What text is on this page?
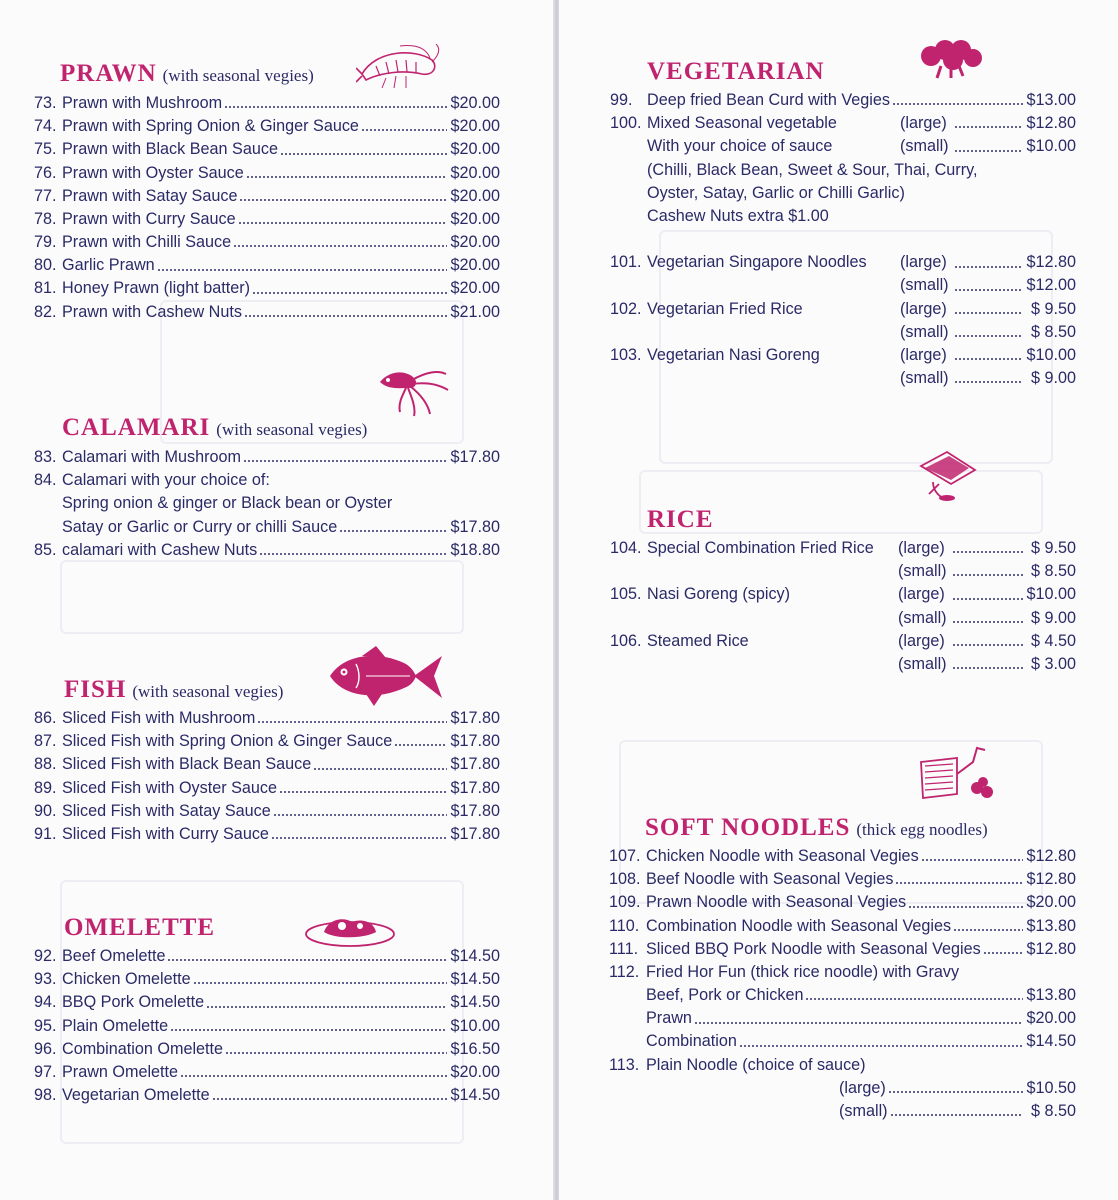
PRAWN (with seasonal vegies)
73. Prawn with Mushroom	$20.00
74. Prawn with Spring Onion & Ginger Sauce	$20.00
75. Prawn with Black Bean Sauce	$20.00
76. Prawn with Oyster Sauce	$20.00
77. Prawn with Satay Sauce	$20.00
78. Prawn with Curry Sauce	$20.00
79. Prawn with Chilli Sauce	$20.00
80. Garlic Prawn	$20.00
81. Honey Prawn (light batter)	$20.00
82. Prawn with Cashew Nuts	$21.00
CALAMARI (with seasonal vegies)
83. Calamari with Mushroom	$17.80
84. Calamari with your choice of:
Spring onion & ginger or Black bean or Oyster
Satay or Garlic or Curry or chilli Sauce	$17.80
85. calamari with Cashew Nuts	$18.80
FISH (with seasonal vegies)
86. Sliced Fish with Mushroom	$17.80
87. Sliced Fish with Spring Onion & Ginger Sauce	$17.80
88. Sliced Fish with Black Bean Sauce	$17.80
89. Sliced Fish with Oyster Sauce	$17.80
90. Sliced Fish with Satay Sauce	$17.80
91. Sliced Fish with Curry Sauce	$17.80
OMELETTE
92. Beef Omelette	$14.50
93. Chicken Omelette	$14.50
94. BBQ Pork Omelette	$14.50
95. Plain Omelette	$10.00
96. Combination Omelette	$16.50
97. Prawn Omelette	$20.00
98. Vegetarian Omelette	$14.50
VEGETARIAN
99. Deep fried Bean Curd with Vegies	$13.00
100. Mixed Seasonal vegetable	(large)	$12.80
With your choice of sauce	(small)	$10.00
(Chilli, Black Bean, Sweet & Sour, Thai, Curry,
Oyster, Satay, Garlic or Chilli Garlic)
Cashew Nuts extra $1.00
101. Vegetarian Singapore Noodles (large)	$12.80
(small)	$12.00
102. Vegetarian Fried Rice	(large)	$ 9.50
(small)	$ 8.50
103. Vegetarian Nasi Goreng	(large)	$10.00
(small)	$ 9.00
RICE
104. Special Combination Fried Rice (large)	$ 9.50
(small)	$ 8.50
105. Nasi Goreng (spicy)	(large)	$10.00
(small)	$ 9.00
106. Steamed Rice	(large)	$ 4.50
(small)	$ 3.00
SOFT NOODLES (thick egg noodles)
107. Chicken Noodle with Seasonal Vegies	$12.80
108. Beef Noodle with Seasonal Vegies	$12.80
109. Prawn Noodle with Seasonal Vegies	$20.00
110. Combination Noodle with Seasonal Vegies	$13.80
111. Sliced BBQ Pork Noodle with Seasonal Vegies	$12.80
112. Fried Hor Fun (thick rice noodle) with Gravy
Beef, Pork or Chicken	$13.80
Prawn	$20.00
Combination	$14.50
113. Plain Noodle (choice of sauce)
(large)	$10.50
(small)	$ 8.50
